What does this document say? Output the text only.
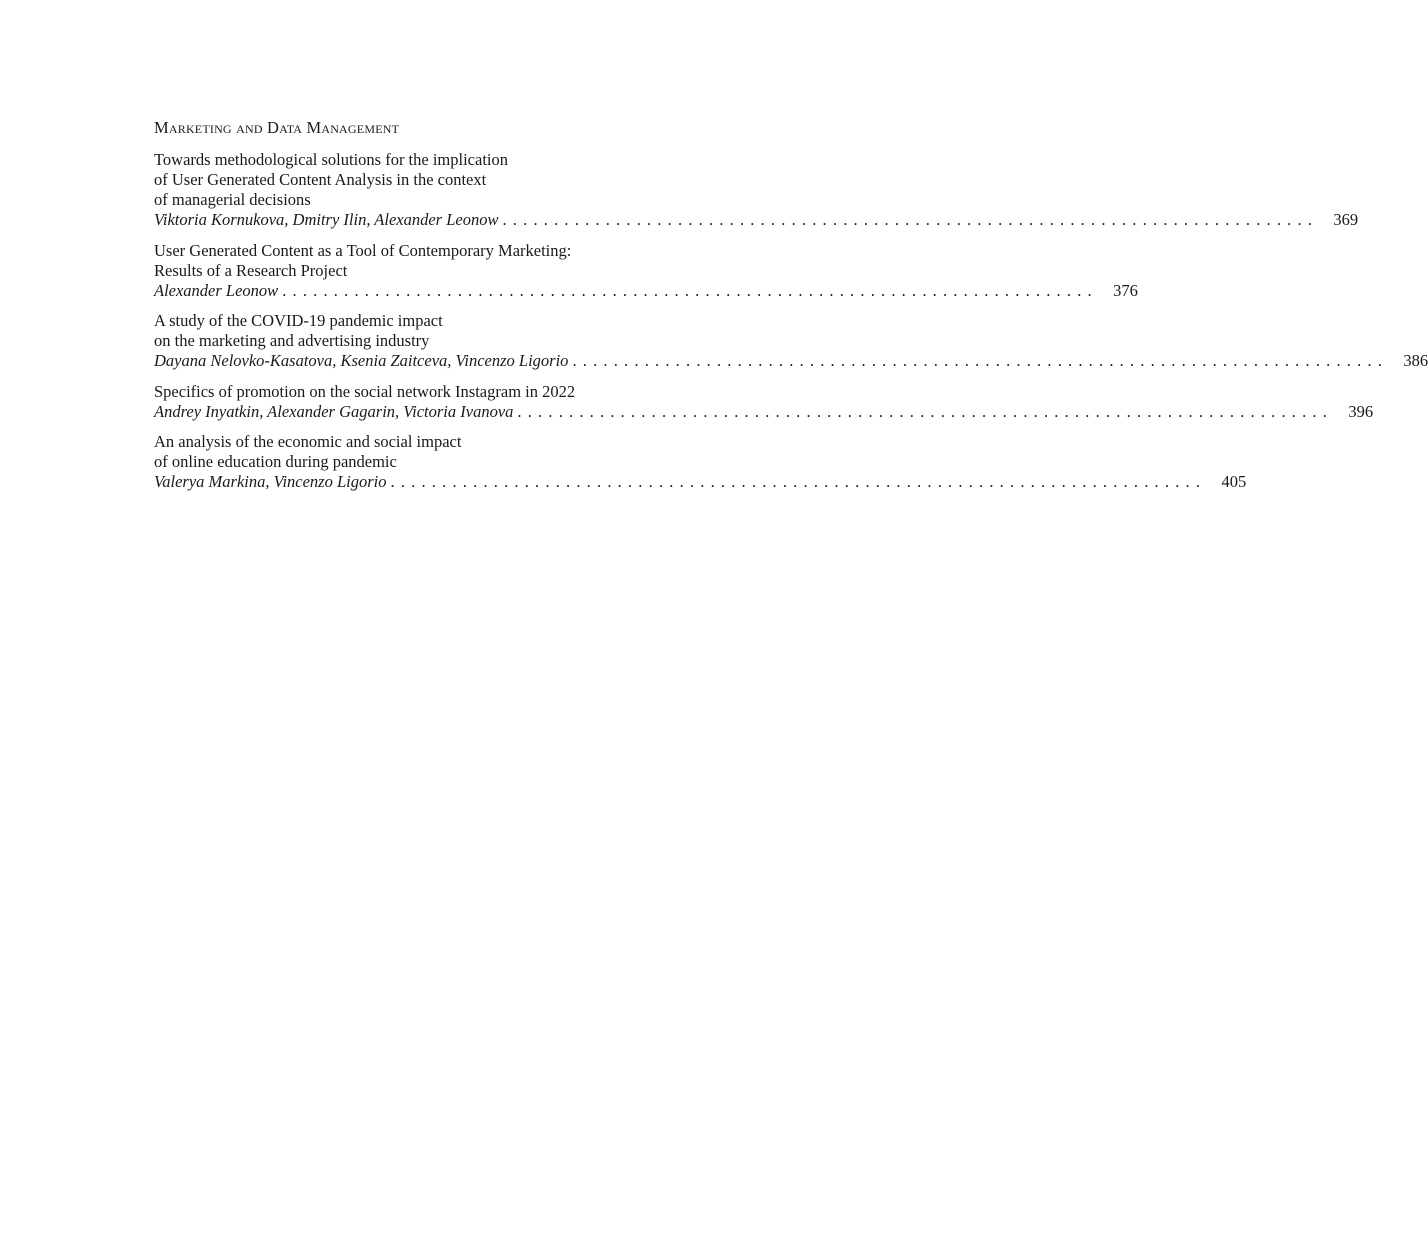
Marketing and Data Management
Towards methodological solutions for the implication
of User Generated Content Analysis in the context
of managerial decisions
Viktoria Kornukova, Dmitry Ilin, Alexander Leonow ............................................................................... 369
User Generated Content as a Tool of Contemporary Marketing:
Results of a Research Project
Alexander Leonow ............................................................................... 376
A study of the COVID-19 pandemic impact
on the marketing and advertising industry
Dayana Nelovko-Kasatova, Ksenia Zaitceva, Vincenzo Ligorio ............................................................................... 386
Specifics of promotion on the social network Instagram in 2022
Andrey Inyatkin, Alexander Gagarin, Victoria Ivanova ............................................................................... 396
An analysis of the economic and social impact
of online education during pandemic
Valerya Markina, Vincenzo Ligorio ............................................................................... 405
